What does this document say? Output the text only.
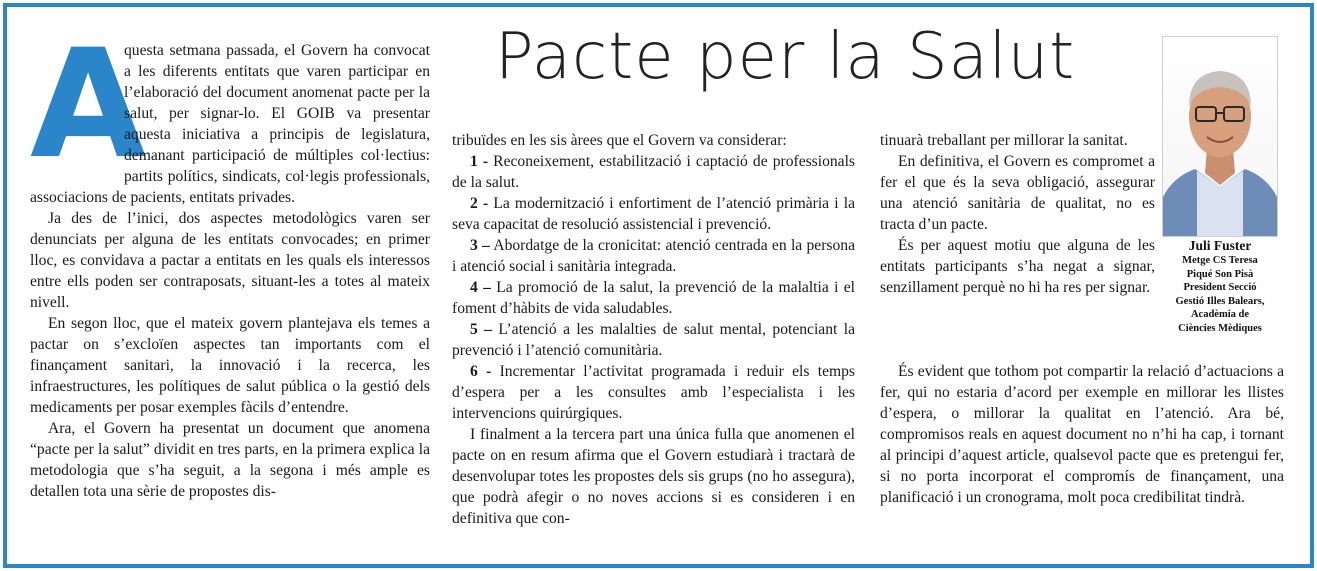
Pacte per la Salut
A

questa setmana passada, el Govern ha convocat a les diferents entitats que varen participar en l’elaboració del document anomenat pacte per la salut, per signar-lo. El GOIB va presentar aquesta iniciativa a principis de legislatura, demanant participació de múltiples col·lectius: partits polítics, sindicats, col·legis professionals, associacions de pacients, entitats privades.

Ja des de l’inici, dos aspectes metodològics varen ser denunciats per alguna de les entitats convocades; en primer lloc, es convidava a pactar a entitats en les quals els interessos entre ells poden ser contraposats, situant-les a totes al mateix nivell.

En segon lloc, que el mateix govern plantejava els temes a pactar on s’excloïen aspectes tan importants com el finançament sanitari, la innovació i la recerca, les infraestructures, les polítiques de salut pública o la gestió dels medicaments per posar exemples fàcils d’entendre.

Ara, el Govern ha presentat un document que anomena “pacte per la salut” dividit en tres parts, en la primera explica la metodologia que s’ha seguit, a la segona i més ample es detallen tota una sèrie de propostes dis-

tribuïdes en les sis àrees que el Govern va considerar:

1 - Reconeixement, estabilització i captació de professionals de la salut.

2 - La modernització i enfortiment de l’atenció primària i la seva capacitat de resolució assistencial i prevenció.

3 – Abordatge de la cronicitat: atenció centrada en la persona i atenció social i sanitària integrada.

4 – La promoció de la salut, la prevenció de la malaltia i el foment d’hàbits de vida saludables.

5 – L’atenció a les malalties de salut mental, potenciant la prevenció i l’atenció comunitària.

6 - Incrementar l’activitat programada i reduir els temps d’espera per a les consultes amb l’especialista i les intervencions quirúrgiques.

I finalment a la tercera part una única fulla que anomenen el pacte on en resum afirma que el Govern estudiarà i tractarà de desenvolupar totes les propostes dels sis grups (no ho assegura), que podrà afegir o no noves accions si es consideren i en definitiva que con-

tinuarà treballant per millorar la sanitat.

En definitiva, el Govern es compromet a fer el que és la seva obligació, assegurar una atenció sanitària de qualitat, no es tracta d’un pacte.

És per aquest motiu que alguna de les entitats participants s’ha negat a signar, senzillament perquè no hi ha res per signar.

És evident que tothom pot compartir la relació d’actuacions a fer, qui no estaria d’acord per exemple en millorar les llistes d’espera, o millorar la qualitat en l’atenció. Ara bé, compromisos reals en aquest document no n’hi ha cap, i tornant al principi d’aquest article, qualsevol pacte que es pretengui fer, si no porta incorporat el compromís de finançament, una planificació i un cronograma, molt poca credibilitat tindrà.

Juli Fuster
Metge CS Teresa
Piqué Son Pisà
President Secció
Gestió Illes Balears,
Acadèmia de
Ciències Mèdiques
